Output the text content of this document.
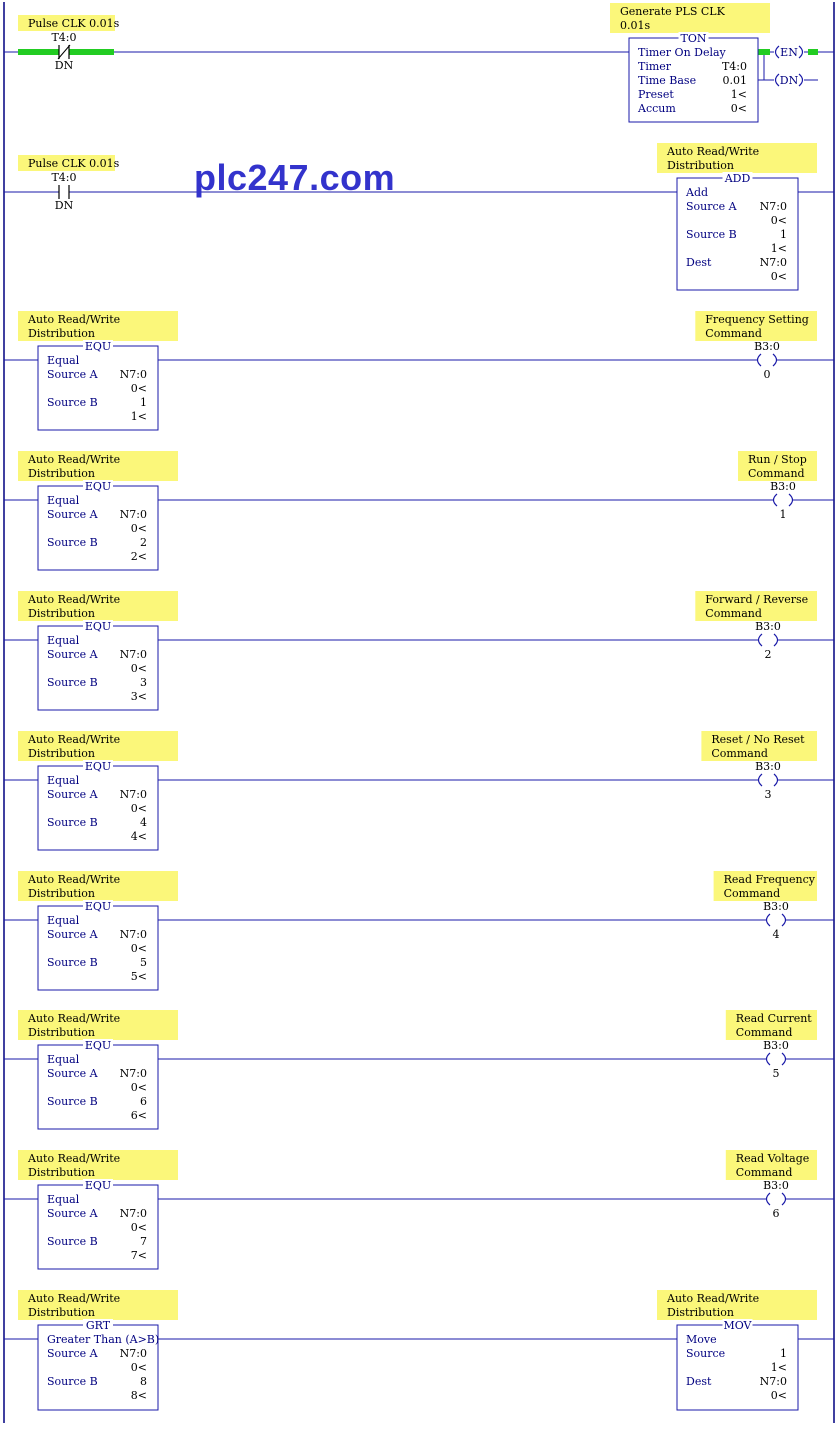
T4:0
DN
Pulse CLK 0.01s
Generate PLS CLK
0.01s
TON
Timer On Delay
Timer	T4:0
Time Base 0.01
Preset	1<
Accum	0<
EN
DN
T4:0
DN
Pulse CLK 0.01s
Auto Read/Write
Distribution
ADD
Add
Source A N7:0
0<
Source B	1
1<
Dest	N7:0
0<
Auto Read/Write
Distribution
EQU
Equal
Source A N7:0
0<
Source B	1
1<
Frequency Setting
Command
B3:0
0
Auto Read/Write
Distribution
EQU
Equal
Source A N7:0
0<
Source B	2
2<
Run / Stop
Command
B3:0
1
Auto Read/Write
Distribution
EQU
Equal
Source A N7:0
0<
Source B	3
3<
Forward / Reverse
Command
B3:0
2
Auto Read/Write
Distribution
EQU
Equal
Source A N7:0
0<
Source B	4
4<
Reset / No Reset
Command
B3:0
3
Auto Read/Write
Distribution
EQU
Equal
Source A N7:0
0<
Source B	5
5<
Read Frequency
Command
B3:0
4
Auto Read/Write
Distribution
EQU
Equal
Source A N7:0
0<
Source B	6
6<
Read Current
Command
B3:0
5
Auto Read/Write
Distribution
EQU
Equal
Source A N7:0
0<
Source B	7
7<
Read Voltage
Command
B3:0
6
Auto Read/Write
Distribution
GRT
Greater Than (A>B)
Source A N7:0
0<
Source B	8
8<
Auto Read/Write
Distribution
MOV
Move
Source	1
1<
Dest	N7:0
0<
plc247.com
